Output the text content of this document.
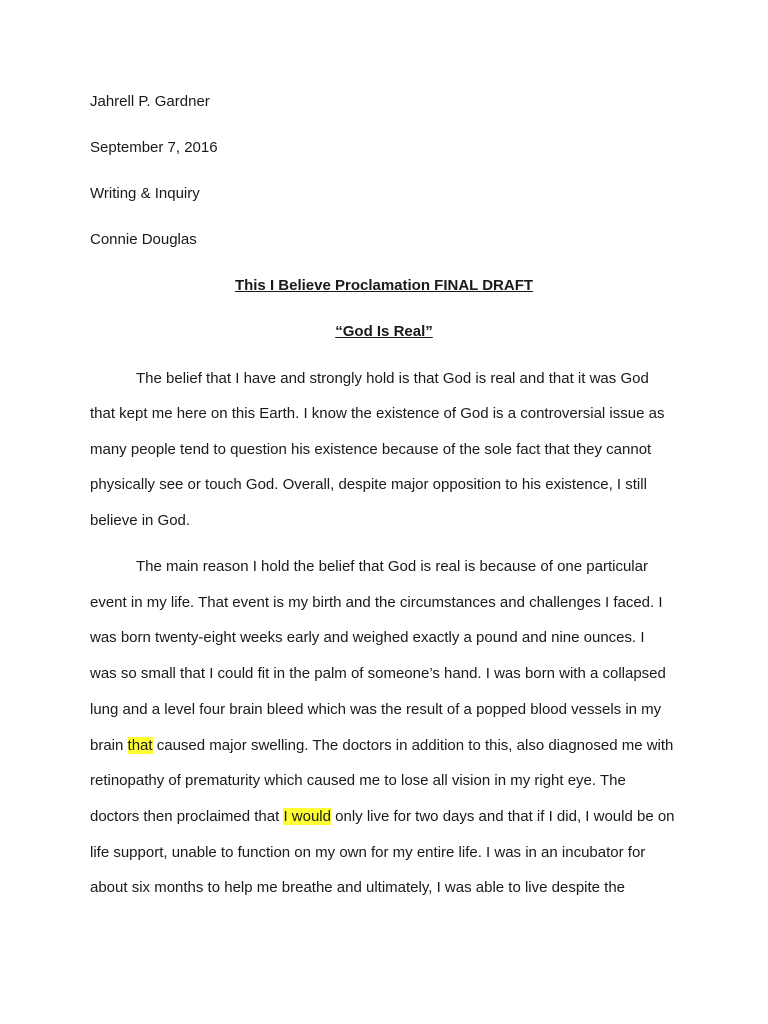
Jahrell P. Gardner
September 7, 2016
Writing & Inquiry
Connie Douglas
This I Believe Proclamation FINAL DRAFT
“God Is Real”
The belief that I have and strongly hold is that God is real and that it was God
that kept me here on this Earth. I know the existence of God is a controversial issue as
many people tend to question his existence because of the sole fact that they cannot
physically see or touch God. Overall, despite major opposition to his existence, I still
believe in God.
The main reason I hold the belief that God is real is because of one particular
event in my life. That event is my birth and the circumstances and challenges I faced. I
was born twenty-eight weeks early and weighed exactly a pound and nine ounces. I
was so small that I could fit in the palm of someone’s hand. I was born with a collapsed
lung and a level four brain bleed which was the result of a popped blood vessels in my
brain that caused major swelling. The doctors in addition to this, also diagnosed me with
retinopathy of prematurity which caused me to lose all vision in my right eye. The
doctors then proclaimed that I would only live for two days and that if I did, I would be on
life support, unable to function on my own for my entire life. I was in an incubator for
about six months to help me breathe and ultimately, I was able to live despite the
